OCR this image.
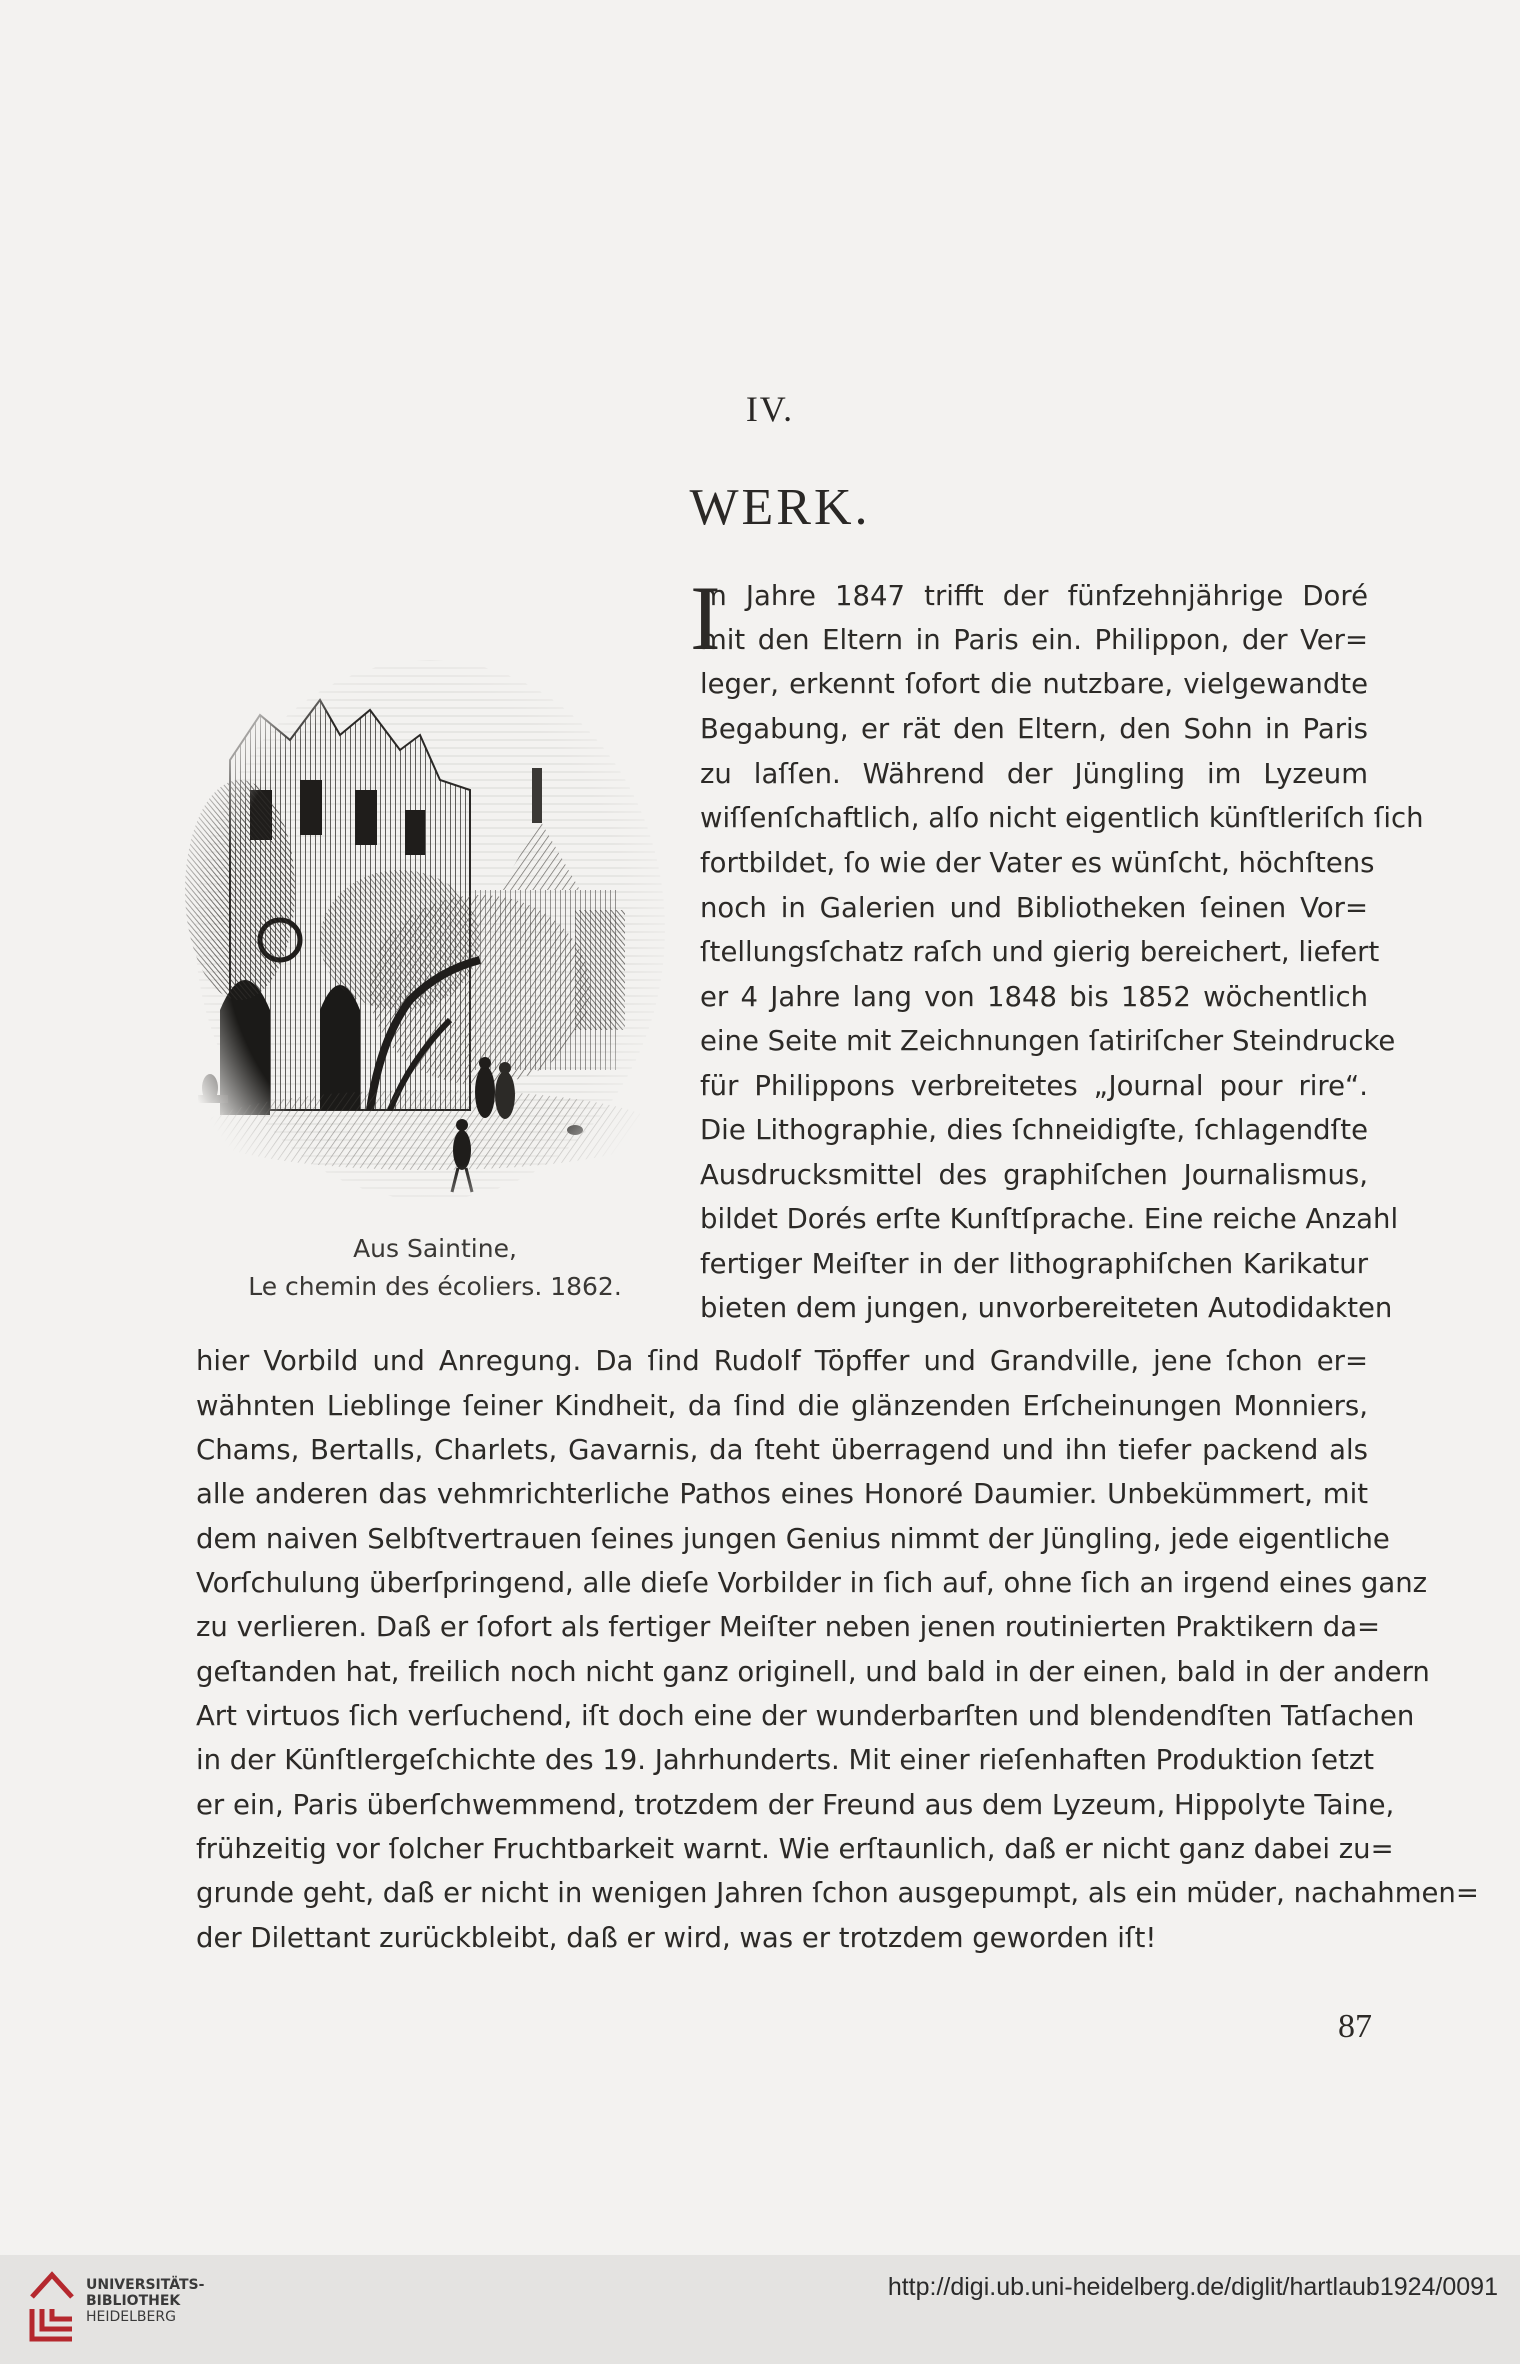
IV.
WERK.
Aus Saintine,
Le chemin des écoliers. 1862.
I
m Jahre 1847 trifft der fünfzehnjährige Doré
mit den Eltern in Paris ein. Philippon, der Ver=
leger, erkennt ſofort die nutzbare, vielgewandte
Begabung, er rät den Eltern, den Sohn in Paris
zu laſſen. Während der Jüngling im Lyzeum
wiſſenſchaftlich, alſo nicht eigentlich künſtleriſch ſich
fortbildet, ſo wie der Vater es wünſcht, höchſtens
noch in Galerien und Bibliotheken ſeinen Vor=
ſtellungsſchatz raſch und gierig bereichert, liefert
er 4 Jahre lang von 1848 bis 1852 wöchentlich
eine Seite mit Zeichnungen ſatiriſcher Steindrucke
für Philippons verbreitetes „Journal pour rire“.
Die Lithographie, dies ſchneidigſte, ſchlagendſte
Ausdrucksmittel des graphiſchen Journalismus,
bildet Dorés erſte Kunſtſprache. Eine reiche Anzahl
fertiger Meiſter in der lithographiſchen Karikatur
bieten dem jungen, unvorbereiteten Autodidakten
hier Vorbild und Anregung. Da ſind Rudolf Töpffer und Grandville, jene ſchon er=
wähnten Lieblinge ſeiner Kindheit, da ſind die glänzenden Erſcheinungen Monniers,
Chams, Bertalls, Charlets, Gavarnis, da ſteht überragend und ihn tiefer packend als
alle anderen das vehmrichterliche Pathos eines Honoré Daumier. Unbekümmert, mit
dem naiven Selbſtvertrauen ſeines jungen Genius nimmt der Jüngling, jede eigentliche
Vorſchulung überſpringend, alle dieſe Vorbilder in ſich auf, ohne ſich an irgend eines ganz
zu verlieren. Daß er ſofort als fertiger Meiſter neben jenen routinierten Praktikern da=
geſtanden hat, freilich noch nicht ganz originell, und bald in der einen, bald in der andern
Art virtuos ſich verſuchend, iſt doch eine der wunderbarſten und blendendſten Tatſachen
in der Künſtlergeſchichte des 19. Jahrhunderts. Mit einer rieſenhaften Produktion ſetzt
er ein, Paris überſchwemmend, trotzdem der Freund aus dem Lyzeum, Hippolyte Taine,
frühzeitig vor ſolcher Fruchtbarkeit warnt. Wie erſtaunlich, daß er nicht ganz dabei zu=
grunde geht, daß er nicht in wenigen Jahren ſchon ausgepumpt, als ein müder, nachahmen=
der Dilettant zurückbleibt, daß er wird, was er trotzdem geworden iſt!
87
UNIVERSITÄTS-
BIBLIOTHEK
HEIDELBERG
http://digi.ub.uni-heidelberg.de/diglit/hartlaub1924/0091
